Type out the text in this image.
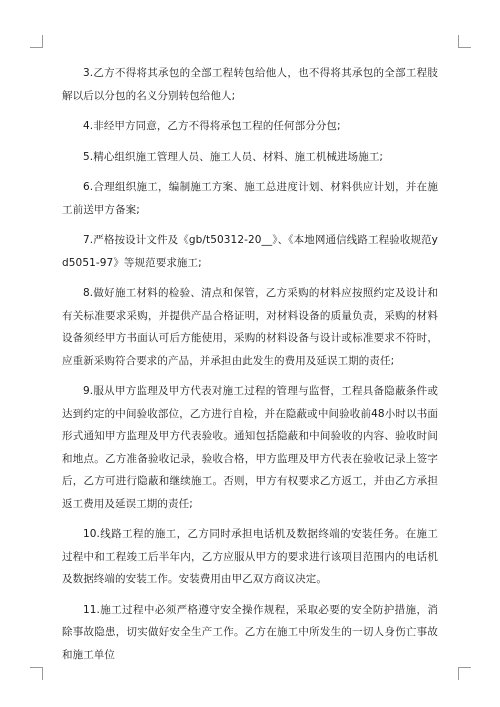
3.乙方不得将其承包的全部工程转包给他人，也不得将其承包的全部工程肢解以后以分包的名义分别转包给他人;

4.非经甲方同意，乙方不得将承包工程的任何部分分包;

5.精心组织施工管理人员、施工人员、材料、施工机械进场施工;

6.合理组织施工，编制施工方案、施工总进度计划、材料供应计划，并在施工前送甲方备案;

7.严格按设计文件及《gb/t50312-20__》、《本地网通信线路工程验收规范yd5051-97》等规范要求施工;

8.做好施工材料的检验、清点和保管，乙方采购的材料应按照约定及设计和有关标准要求采购，并提供产品合格证明，对材料设备的质量负责，采购的材料设备须经甲方书面认可后方能使用，采购的材料设备与设计或标准要求不符时，应重新采购符合要求的产品，并承担由此发生的费用及延误工期的责任;

9.服从甲方监理及甲方代表对施工过程的管理与监督，工程具备隐蔽条件或达到约定的中间验收部位，乙方进行自检，并在隐蔽或中间验收前48小时以书面形式通知甲方监理及甲方代表验收。通知包括隐蔽和中间验收的内容、验收时间和地点。乙方准备验收记录，验收合格，甲方监理及甲方代表在验收记录上签字后，乙方可进行隐蔽和继续施工。否则，甲方有权要求乙方返工，并由乙方承担返工费用及延误工期的责任;

10.线路工程的施工，乙方同时承担电话机及数据终端的安装任务。在施工过程中和工程竣工后半年内，乙方应服从甲方的要求进行该项目范围内的电话机及数据终端的安装工作。安装费用由甲乙双方商议决定。

11.施工过程中必须严格遵守安全操作规程，采取必要的安全防护措施，消除事故隐患，切实做好安全生产工作。乙方在施工中所发生的一切人身伤亡事故和施工单位
